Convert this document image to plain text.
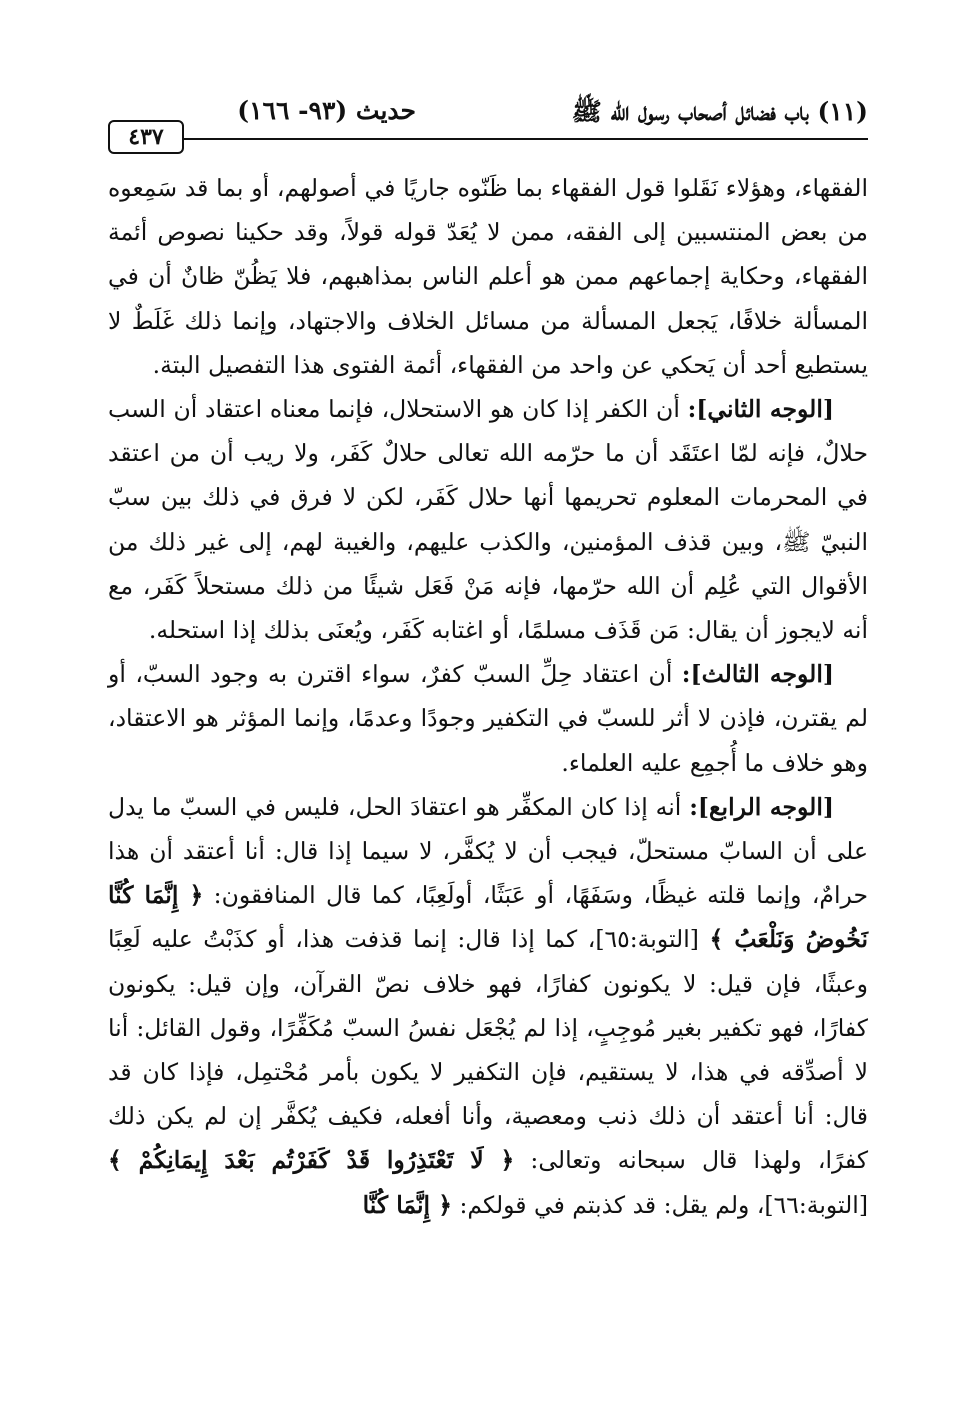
(١١) باب فضائل أصحاب رسول الله ﷺ
حديث (٩٣- ١٦٦)
٤٣٧

الفقهاء، وهؤلاء نَقَلوا قول الفقهاء بما ظَنّوه جاريًا في أصولهم، أو بما قد سَمِعوه من بعض المنتسبين إلى الفقه، ممن لا يُعَدّ قوله قولاً، وقد حكينا نصوص أئمة الفقهاء، وحكاية إجماعهم ممن هو أعلم الناس بمذاهبهم، فلا يَظُنّ ظانٌ أن في المسألة خلافًا، يَجعل المسألة من مسائل الخلاف والاجتهاد، وإنما ذلك غَلَطٌ لا يستطيع أحد أن يَحكي عن واحد من الفقهاء، أئمة الفتوى هذا التفصيل البتة.

[الوجه الثاني]: أن الكفر إذا كان هو الاستحلال، فإنما معناه اعتقاد أن السب حلالٌ، فإنه لمّا اعتَقَد أن ما حرّمه الله تعالى حلالٌ كَفَر، ولا ريب أن من اعتقد في المحرمات المعلوم تحريمها أنها حلال كَفَر، لكن لا فرق في ذلك بين سبّ النبيّ ﷺ، وبين قذف المؤمنين، والكذب عليهم، والغيبة لهم، إلى غير ذلك من الأقوال التي عُلِم أن الله حرّمها، فإنه مَنْ فَعَل شيئًا من ذلك مستحلاً كَفَر، مع أنه لايجوز أن يقال: مَن قَذَف مسلمًا، أو اغتابه كَفَر، ويُعنَى بذلك إذا استحله.

[الوجه الثالث]: أن اعتقاد حِلِّ السبّ كفرٌ، سواء اقترن به وجود السبّ، أو لم يقترن، فإذن لا أثر للسبّ في التكفير وجودًا وعدمًا، وإنما المؤثر هو الاعتقاد، وهو خلاف ما أُجمِع عليه العلماء.

[الوجه الرابع]: أنه إذا كان المكفِّر هو اعتقادَ الحل، فليس في السبّ ما يدل على أن السابّ مستحلّ، فيجب أن لا يُكفَّر، لا سيما إذا قال: أنا أعتقد أن هذا حرامٌ، وإنما قلته غيظًا، وسَفَهًا، أو عَبَثًا، أولَعِبًا، كما قال المنافقون: ﴿ إِنَّمَا كُنَّا نَخُوضُ وَنَلْعَبُ ﴾ [التوبة:٦٥]، كما إذا قال: إنما قذفت هذا، أو كذَبْتُ عليه لَعِبًا وعبثًا، فإن قيل: لا يكونون كفارًا، فهو خلاف نصّ القرآن، وإن قيل: يكونون كفارًا، فهو تكفير بغير مُوجِبٍ، إذا لم يُجْعَل نفسُ السبّ مُكَفِّرًا، وقول القائل: أنا لا أصدِّقه في هذا، لا يستقيم، فإن التكفير لا يكون بأمر مُحْتمِل، فإذا كان قد قال: أنا أعتقد أن ذلك ذنب ومعصية، وأنا أفعله، فكيف يُكفَّر إن لم يكن ذلك كفرًا، ولهذا قال سبحانه وتعالى: ﴿ لَا تَعْتَذِرُوا قَدْ كَفَرْتُم بَعْدَ إِيمَانِكُمْ ﴾ [التوبة:٦٦]، ولم يقل: قد كذبتم في قولكم: ﴿ إِنَّمَا كُنَّا
